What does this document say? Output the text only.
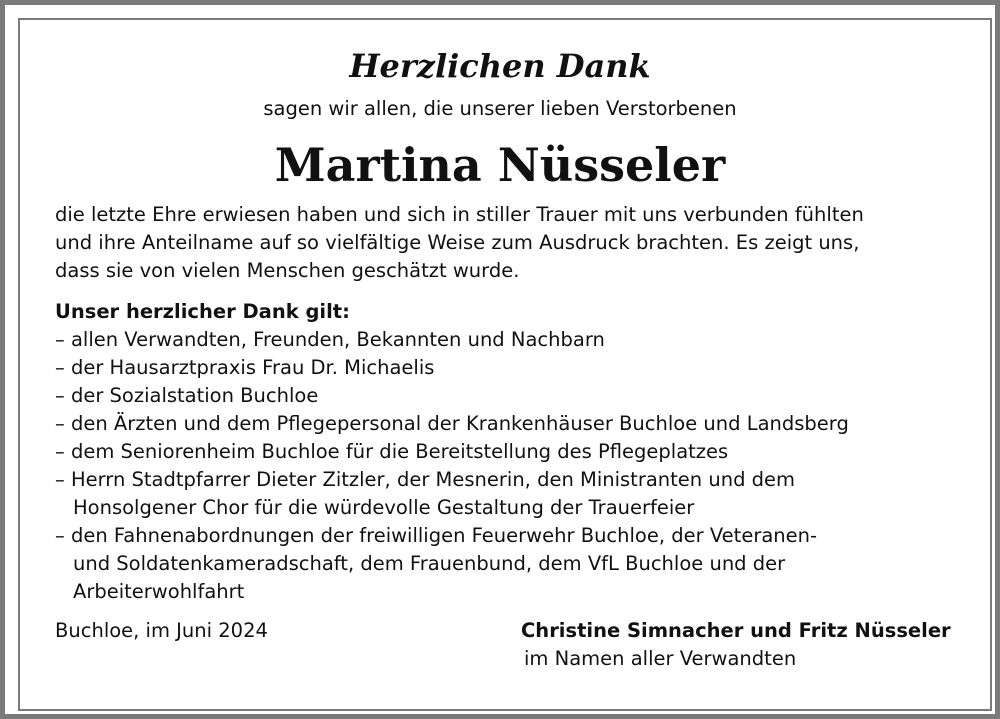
Herzlichen Dank
sagen wir allen, die unserer lieben Verstorbenen
Martina Nüsseler
die letzte Ehre erwiesen haben und sich in stiller Trauer mit uns verbunden fühlten
und ihre Anteilname auf so vielfältige Weise zum Ausdruck brachten. Es zeigt uns,
dass sie von vielen Menschen geschätzt wurde.
Unser herzlicher Dank gilt:
– allen Verwandten, Freunden, Bekannten und Nachbarn
– der Hausarztpraxis Frau Dr. Michaelis
– der Sozialstation Buchloe
– den Ärzten und dem Pflegepersonal der Krankenhäuser Buchloe und Landsberg
– dem Seniorenheim Buchloe für die Bereitstellung des Pflegeplatzes
– Herrn Stadtpfarrer Dieter Zitzler, der Mesnerin, den Ministranten und dem
Honsolgener Chor für die würdevolle Gestaltung der Trauerfeier
– den Fahnenabordnungen der freiwilligen Feuerwehr Buchloe, der Veteranen-
und Soldatenkameradschaft, dem Frauenbund, dem VfL Buchloe und der
Arbeiterwohlfahrt
Buchloe, im Juni 2024	Christine Simnacher und Fritz Nüsseler
im Namen aller Verwandten
